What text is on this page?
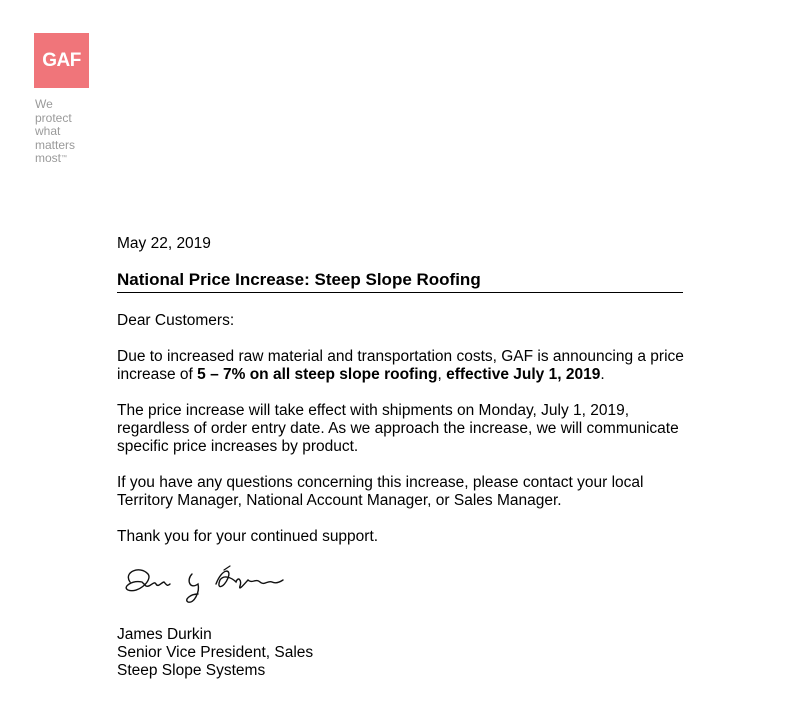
GAF
We
protect
what
matters
most™
May 22, 2019
National Price Increase: Steep Slope Roofing

Dear Customers:

Due to increased raw material and transportation costs, GAF is announcing a price increase of 5 – 7% on all steep slope roofing, effective July 1, 2019.

The price increase will take effect with shipments on Monday, July 1, 2019, regardless of order entry date. As we approach the increase, we will communicate specific price increases by product.

If you have any questions concerning this increase, please contact your local Territory Manager, National Account Manager, or Sales Manager.

Thank you for your continued support.

James Durkin
Senior Vice President, Sales
Steep Slope Systems
